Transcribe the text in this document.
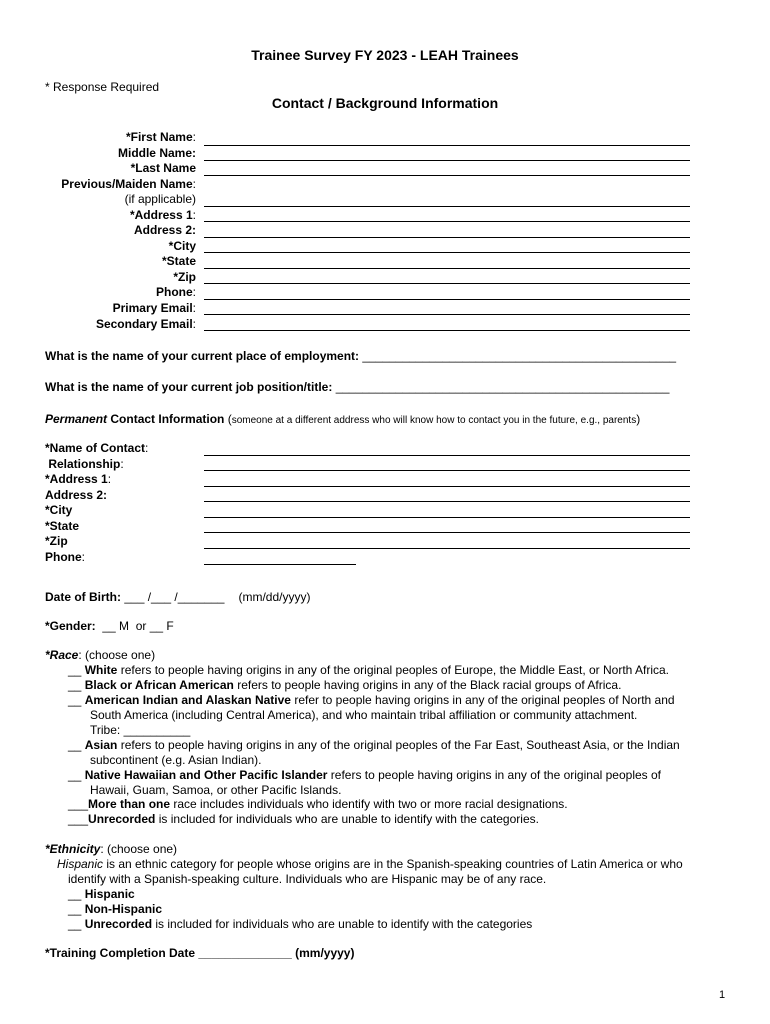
Trainee Survey FY 2023 - LEAH Trainees
* Response Required
Contact / Background Information
*First Name:
Middle Name:
*Last Name
Previous/Maiden Name:
(if applicable)
*Address 1:
Address 2:
*City
*State
*Zip
Phone:
Primary Email:
Secondary Email:
What is the name of your current place of employment: _______________________________________________
What is the name of your current job position/title: __________________________________________________
Permanent Contact Information (someone at a different address who will know how to contact you in the future, e.g., parents)
*Name of Contact:
Relationship:
*Address 1:
Address 2:
*City
*State
*Zip
Phone:
Date of Birth: ___ /___ /_______ (mm/dd/yyyy)
*Gender: __ M  or __ F
*Race: (choose one)
__ White refers to people having origins in any of the original peoples of Europe, the Middle East, or North Africa.
__ Black or African American refers to people having origins in any of the Black racial groups of Africa.
__ American Indian and Alaskan Native refer to people having origins in any of the original peoples of North and
South America (including Central America), and who maintain tribal affiliation or community attachment.
Tribe: __________
__ Asian refers to people having origins in any of the original peoples of the Far East, Southeast Asia, or the Indian
subcontinent (e.g. Asian Indian).
__ Native Hawaiian and Other Pacific Islander refers to people having origins in any of the original peoples of
Hawaii, Guam, Samoa, or other Pacific Islands.
___More than one race includes individuals who identify with two or more racial designations.
___Unrecorded is included for individuals who are unable to identify with the categories.
*Ethnicity: (choose one)
Hispanic is an ethnic category for people whose origins are in the Spanish-speaking countries of Latin America or who
identify with a Spanish-speaking culture. Individuals who are Hispanic may be of any race.
__ Hispanic
__ Non-Hispanic
__ Unrecorded is included for individuals who are unable to identify with the categories
*Training Completion Date ______________ (mm/yyyy)
1
